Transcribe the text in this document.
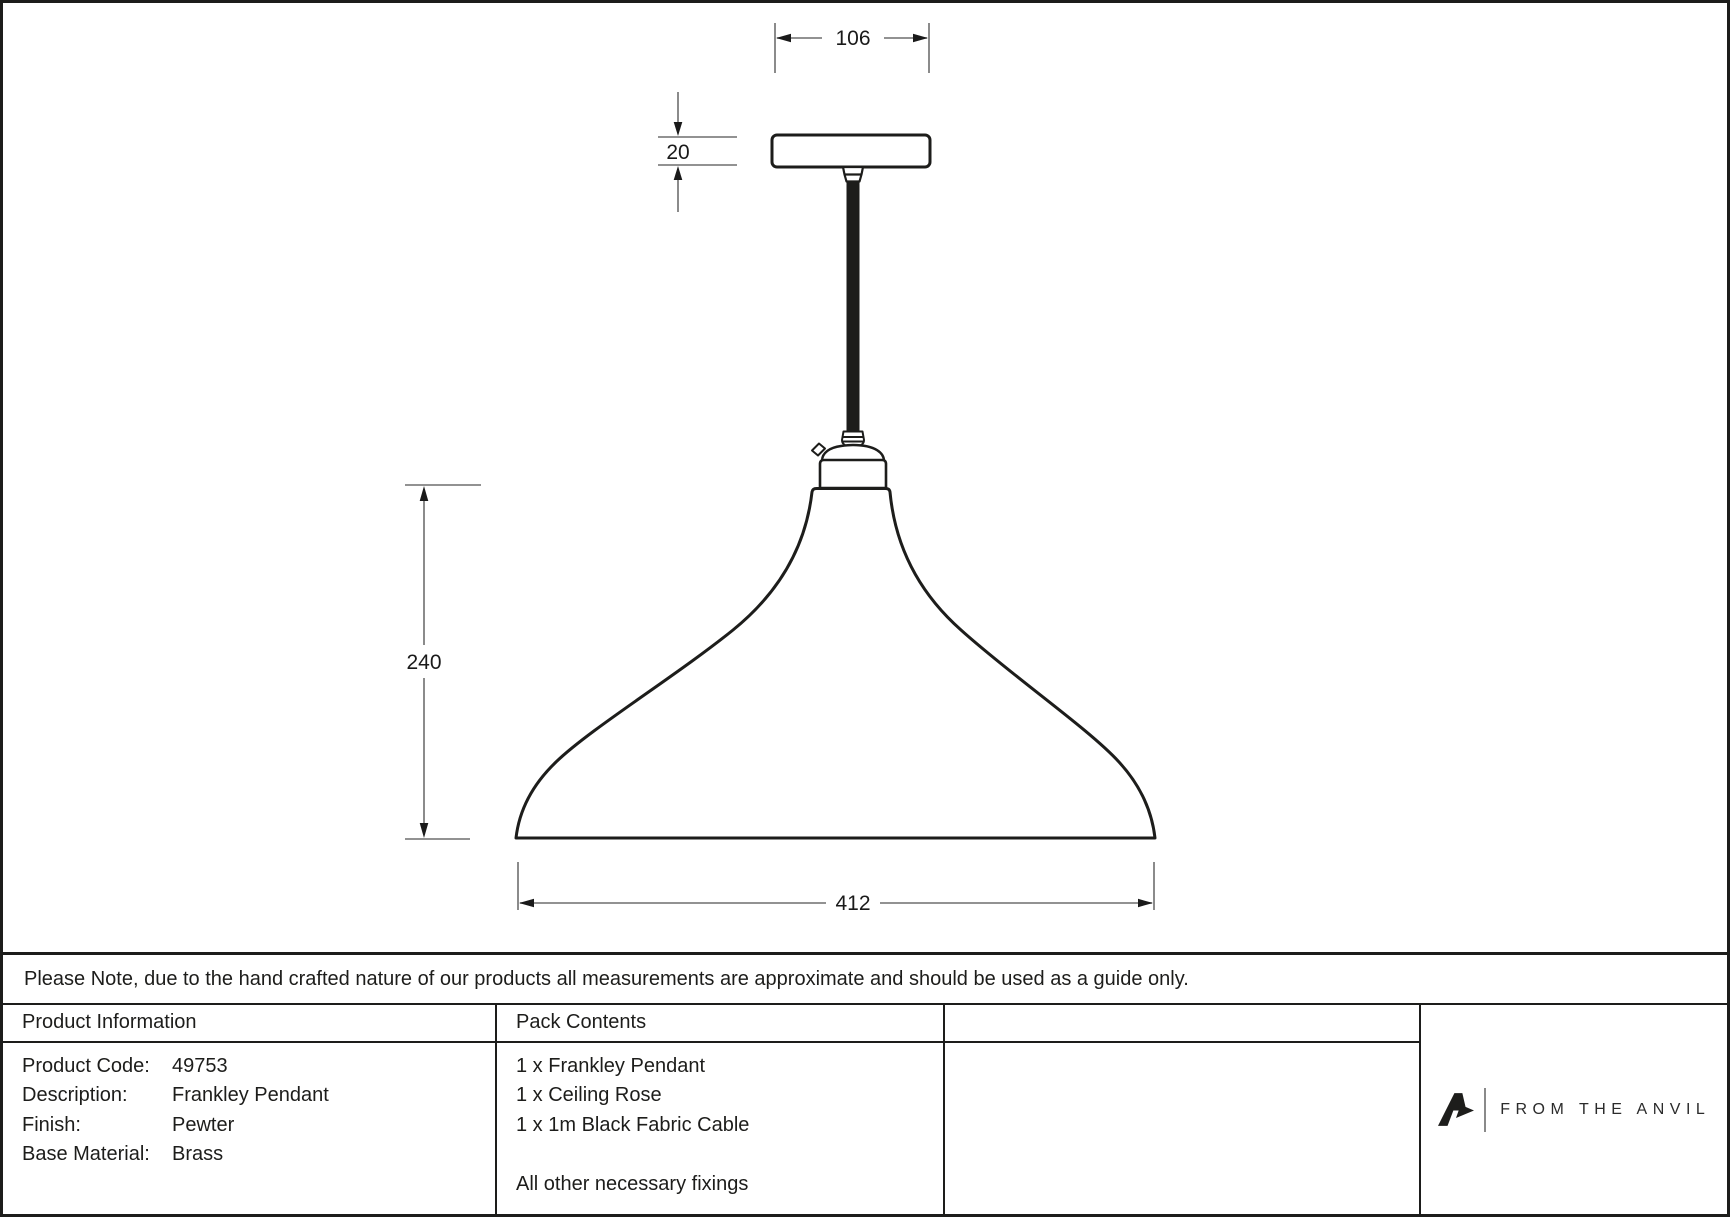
106
20
240
412
Please Note, due to the hand crafted nature of our products all measurements are approximate and should be used as a guide only.
Product Information
Product Code:	49753
Description:	Frankley Pendant
Finish:	Pewter
Base Material:	Brass
Pack Contents
1 x Frankley Pendant
1 x Ceiling Rose
1 x 1m Black Fabric Cable
All other necessary fixings
FROM THE ANVIL
